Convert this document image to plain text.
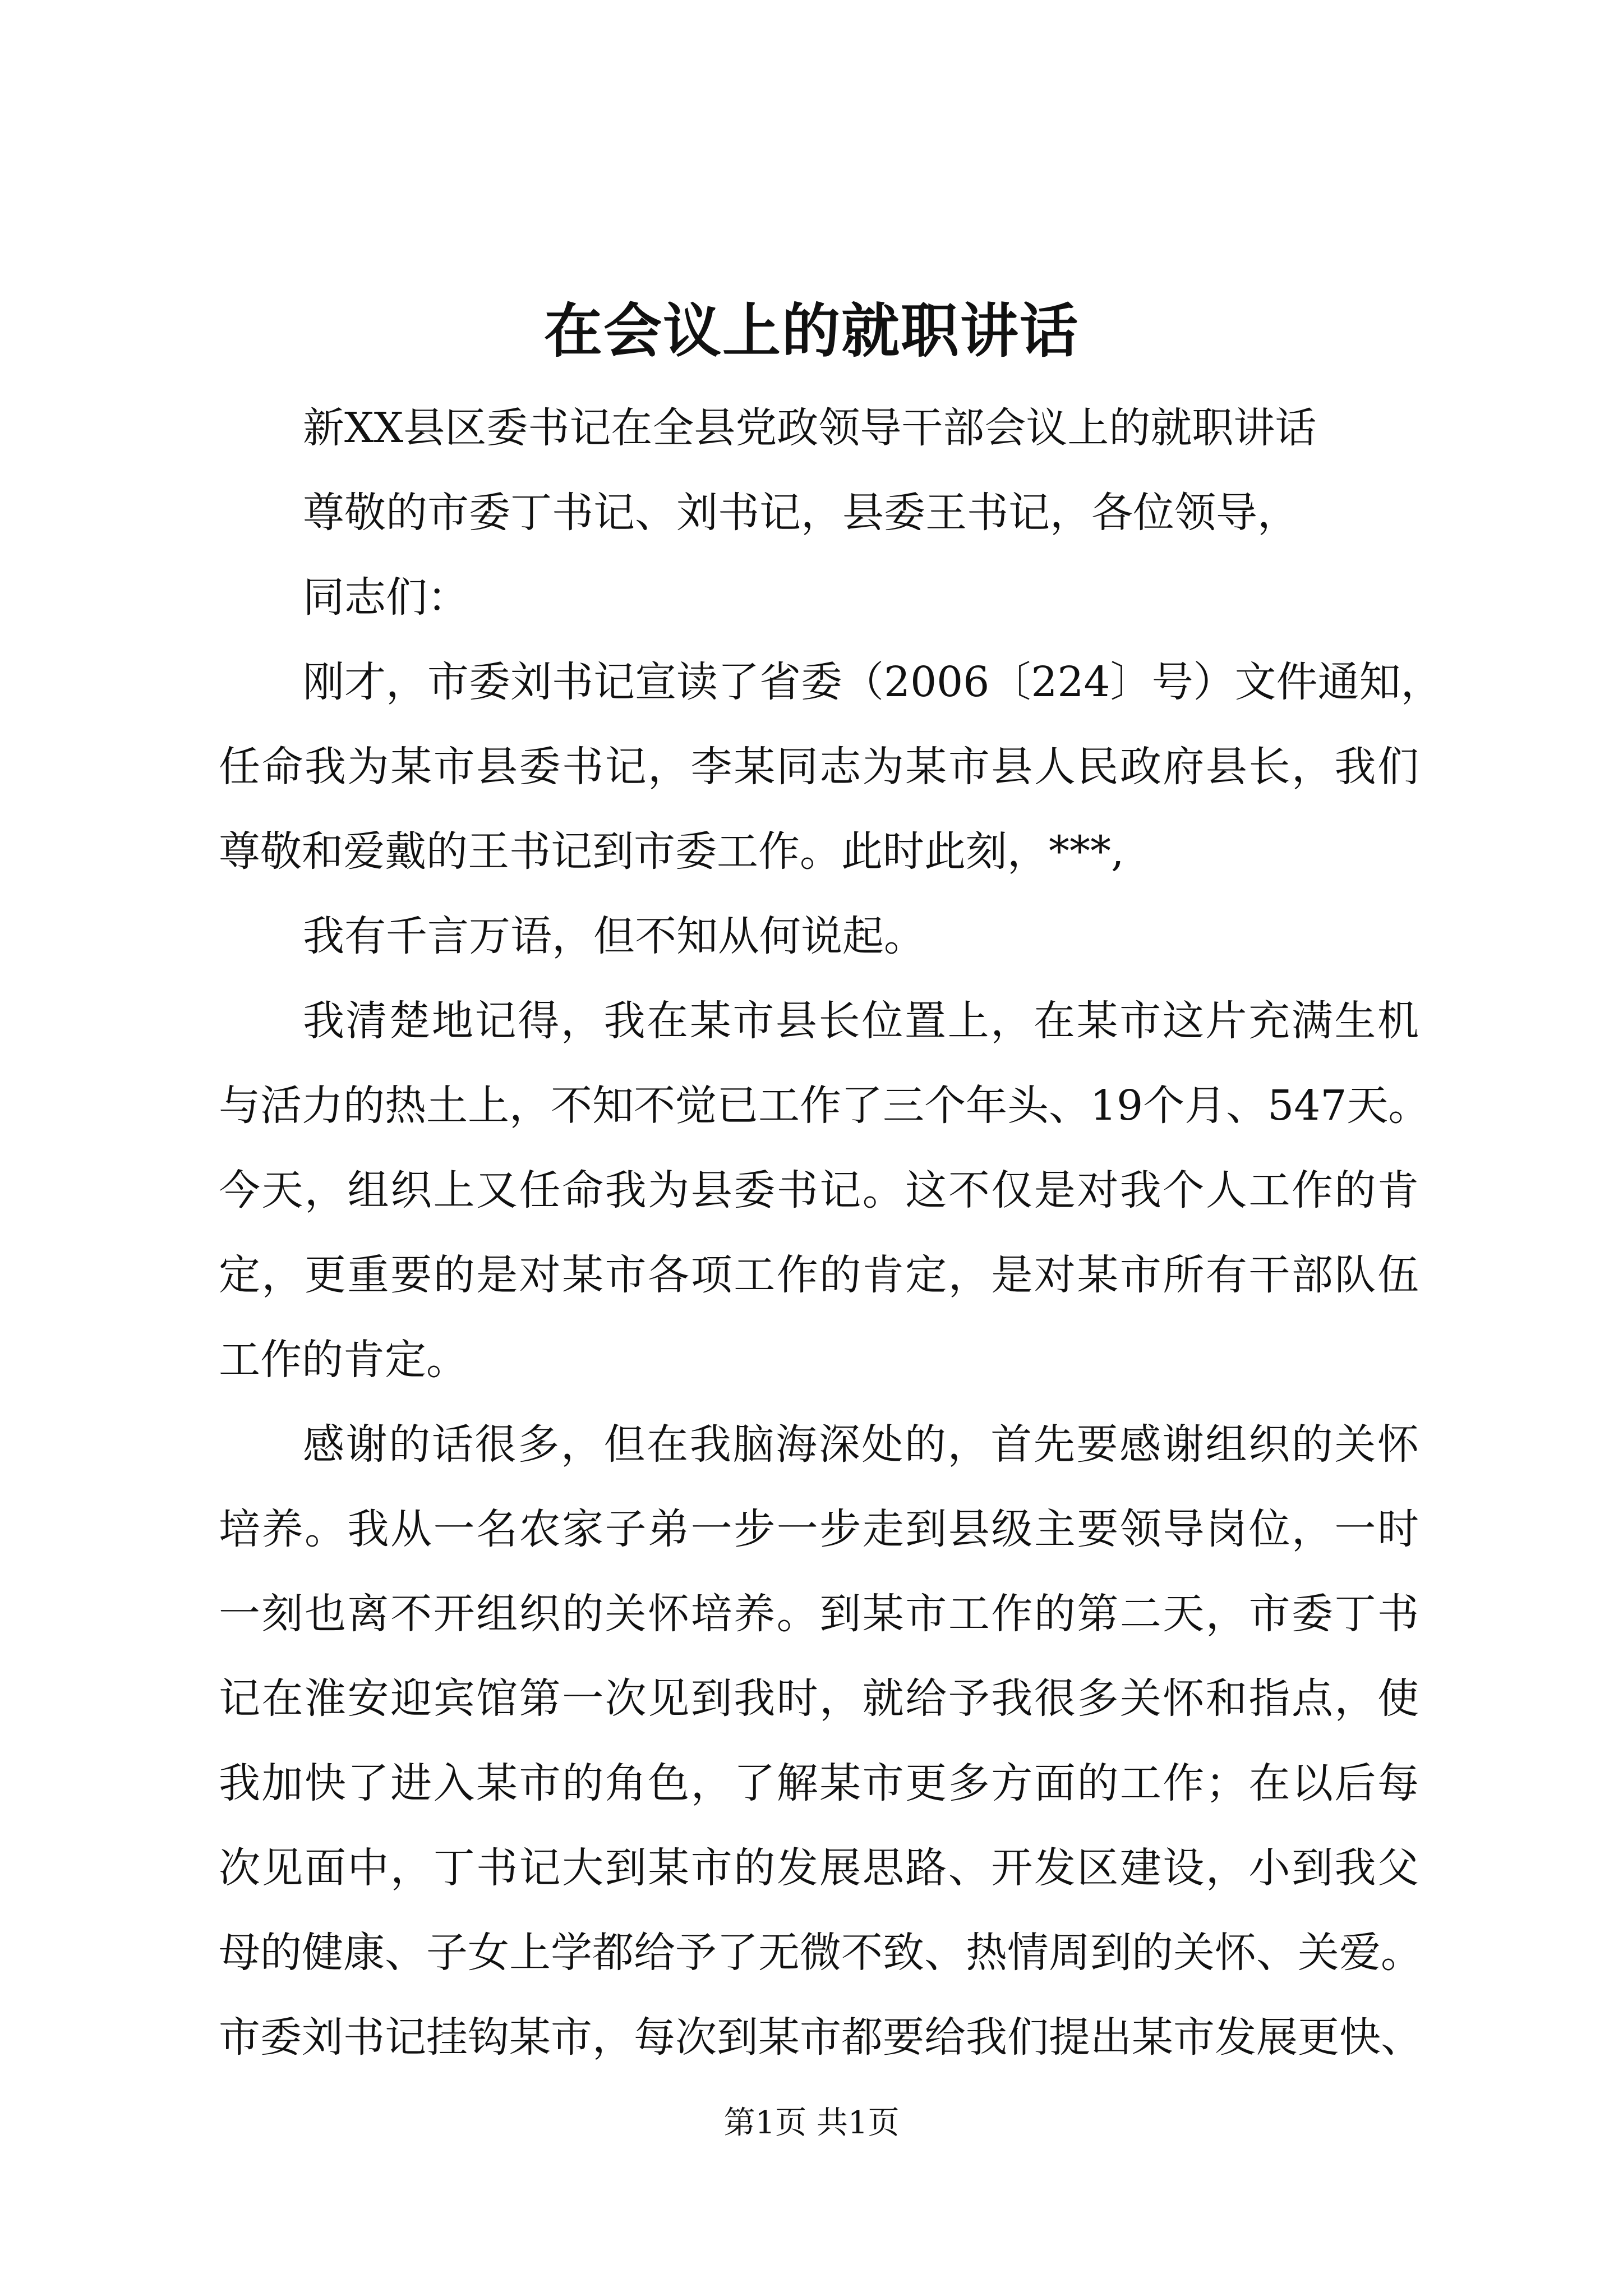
在会议上的就职讲话
新XX县区委书记在全县党政领导干部会议上的就职讲话
尊敬的市委丁书记、刘书记，县委王书记，各位领导，
同志们：
刚才，市委刘书记宣读了省委（2006〔224〕号）文件通知，
任命我为某市县委书记，李某同志为某市县人民政府县长，我们
尊敬和爱戴的王书记到市委工作。此时此刻，***,
我有千言万语，但不知从何说起。
我清楚地记得，我在某市县长位置上，在某市这片充满生机
与活力的热土上，不知不觉已工作了三个年头、19个月、547天。
今天，组织上又任命我为县委书记。这不仅是对我个人工作的肯
定，更重要的是对某市各项工作的肯定，是对某市所有干部队伍
工作的肯定。
感谢的话很多，但在我脑海深处的，首先要感谢组织的关怀
培养。我从一名农家子弟一步一步走到县级主要领导岗位，一时
一刻也离不开组织的关怀培养。到某市工作的第二天，市委丁书
记在淮安迎宾馆第一次见到我时，就给予我很多关怀和指点，使
我加快了进入某市的角色，了解某市更多方面的工作；在以后每
次见面中，丁书记大到某市的发展思路、开发区建设，小到我父
母的健康、子女上学都给予了无微不致、热情周到的关怀、关爱。
市委刘书记挂钩某市，每次到某市都要给我们提出某市发展更快、
第1页 共1页
